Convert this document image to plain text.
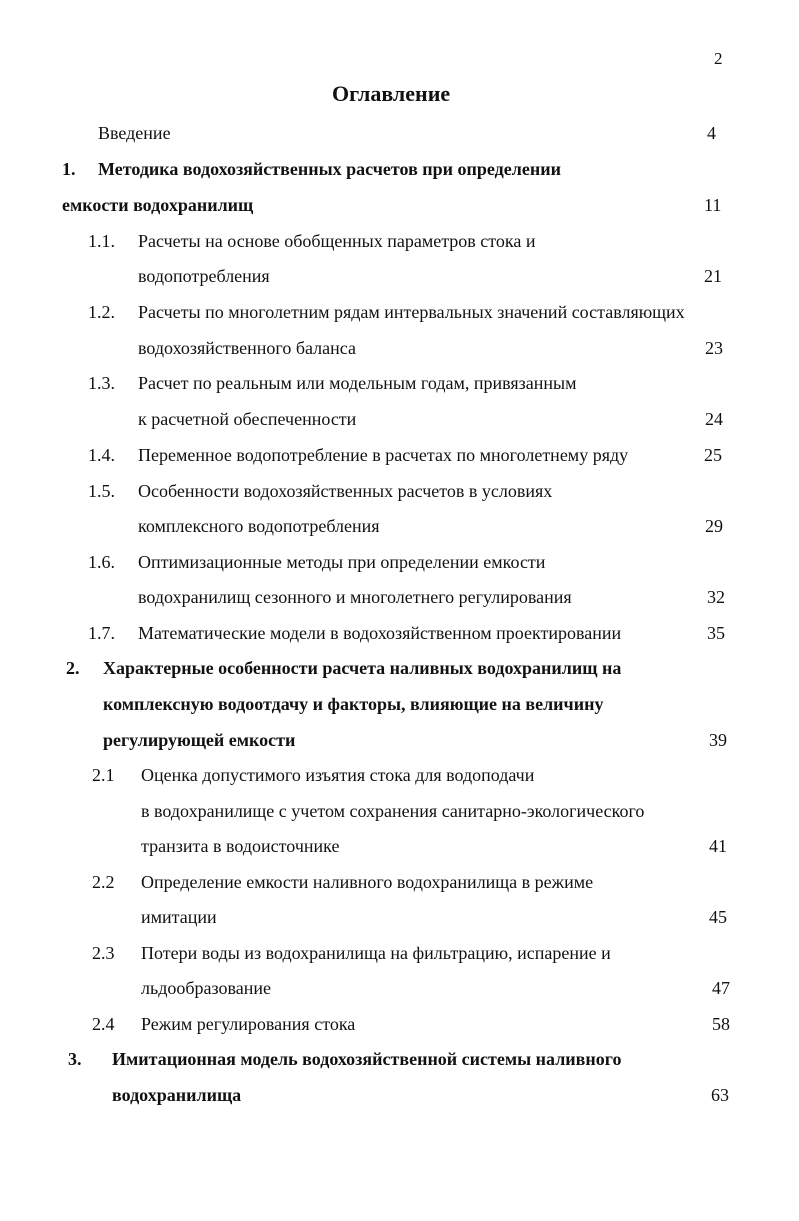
2
Оглавление
Введение	4
1. Методика водохозяйственных расчетов при определении
емкости водохранилищ	11
1.1. Расчеты на основе обобщенных параметров стока и
водопотребления	21
1.2. Расчеты по многолетним рядам интервальных значений составляющих
водохозяйственного баланса	23
1.3. Расчет по реальным или модельным годам, привязанным
к расчетной обеспеченности	24
1.4. Переменное водопотребление в расчетах по многолетнему ряду	25
1.5. Особенности водохозяйственных расчетов в условиях
комплексного водопотребления	29
1.6. Оптимизационные методы при определении емкости
водохранилищ сезонного и многолетнего регулирования	32
1.7. Математические модели в водохозяйственном проектировании	35
2. Характерные особенности расчета наливных водохранилищ на
комплексную водоотдачу и факторы, влияющие на величину
регулирующей емкости	39
2.1 Оценка допустимого изъятия стока для водоподачи
в водохранилище с учетом сохранения санитарно-экологического
транзита в водоисточнике	41
2.2 Определение емкости наливного водохранилища в режиме
имитации	45
2.3 Потери воды из водохранилища на фильтрацию, испарение и
льдообразование	47
2.4 Режим регулирования стока	58
3. Имитационная модель водохозяйственной системы наливного
водохранилища	63
